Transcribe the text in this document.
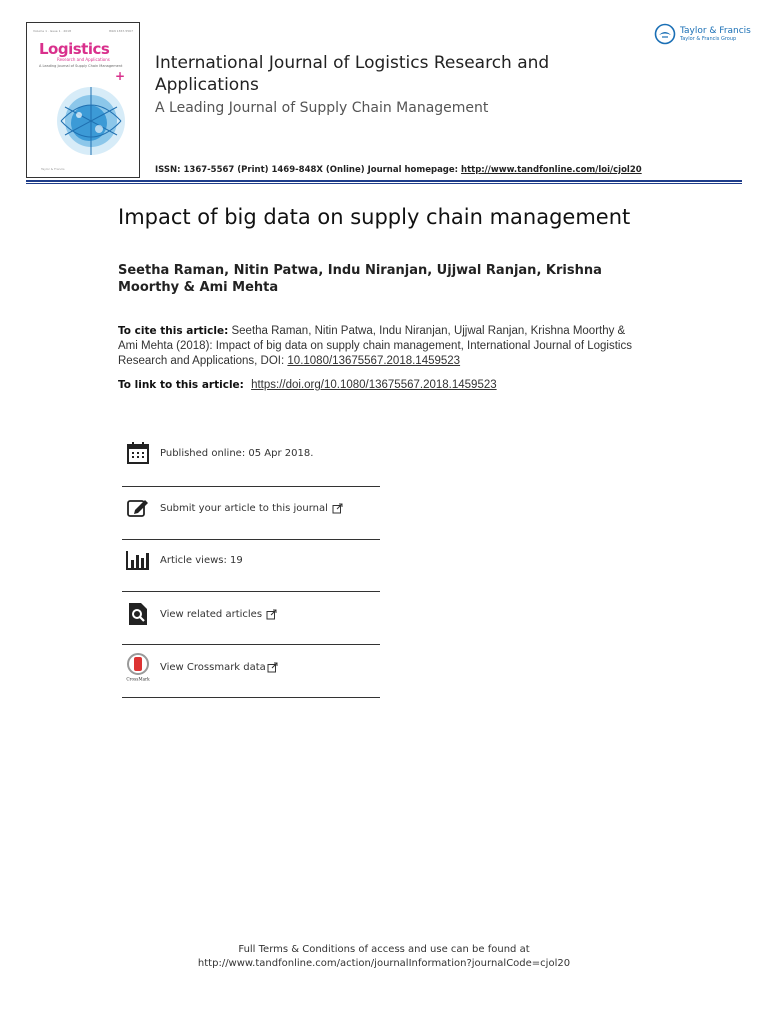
Volume 1 · Issue 1 · 2018	ISSN 1367-5567
Logistics
Research and Applications
A Leading Journal of Supply Chain Management
+
Taylor & Francis
International Journal of Logistics Research and Applications
A Leading Journal of Supply Chain Management
ISSN: 1367-5567 (Print) 1469-848X (Online) Journal homepage: http://www.tandfonline.com/loi/cjol20
Taylor & Francis
Taylor & Francis Group
Impact of big data on supply chain management
Seetha Raman, Nitin Patwa, Indu Niranjan, Ujjwal Ranjan, Krishna Moorthy & Ami Mehta
To cite this article: Seetha Raman, Nitin Patwa, Indu Niranjan, Ujjwal Ranjan, Krishna Moorthy & Ami Mehta (2018): Impact of big data on supply chain management, International Journal of Logistics Research and Applications, DOI: 10.1080/13675567.2018.1459523
To link to this article: https://doi.org/10.1080/13675567.2018.1459523
Published online: 05 Apr 2018.
Submit your article to this journal
Article views: 19
View related articles
CrossMark
View Crossmark data
Full Terms & Conditions of access and use can be found at
http://www.tandfonline.com/action/journalInformation?journalCode=cjol20
